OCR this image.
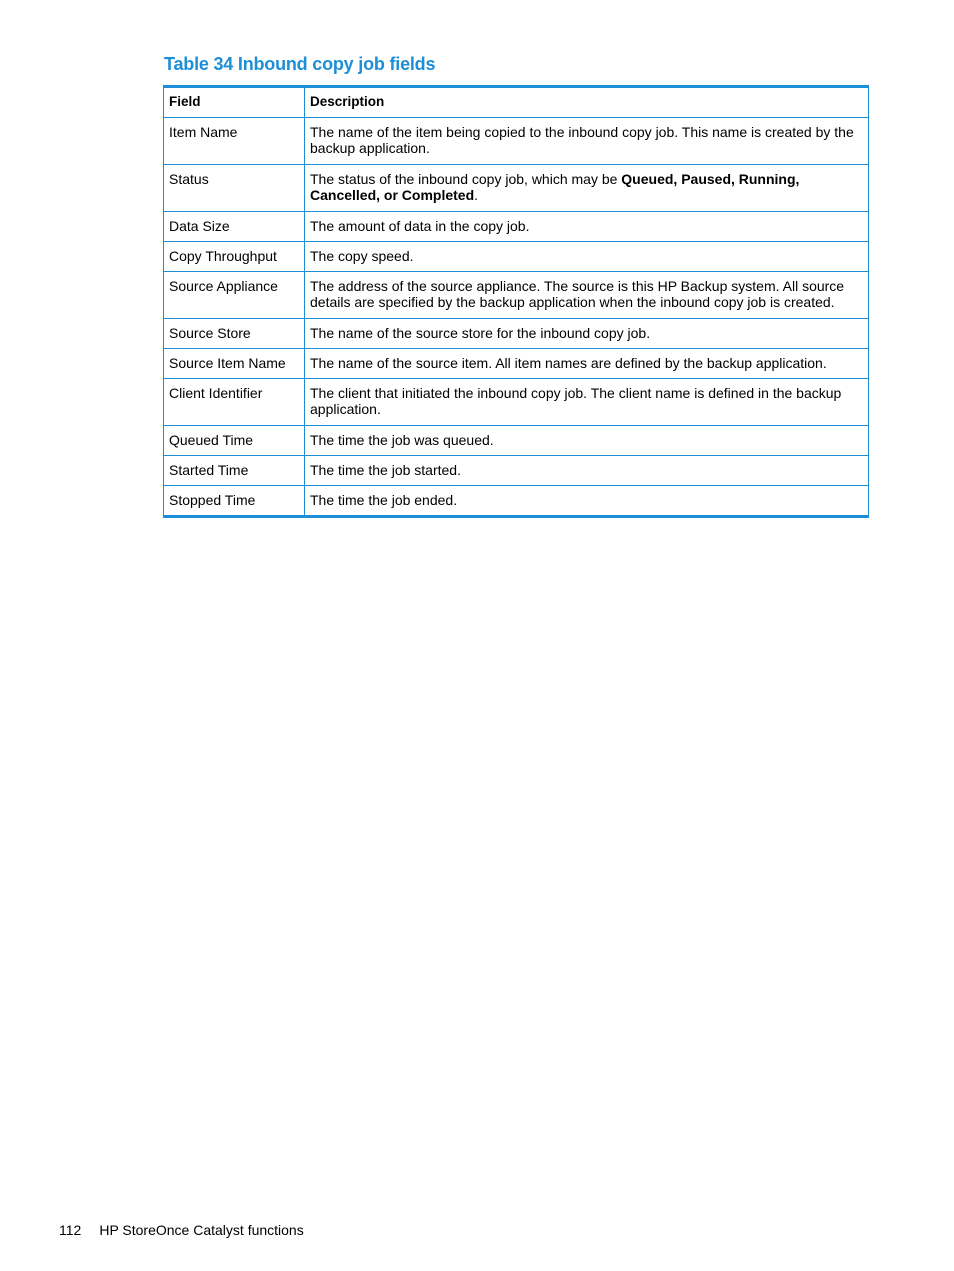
Table 34 Inbound copy job fields
Field	Description
Item Name	The name of the item being copied to the inbound copy job. This name is created by the backup application.
Status	The status of the inbound copy job, which may be Queued, Paused, Running, Cancelled, or Completed.
Data Size	The amount of data in the copy job.
Copy Throughput	The copy speed.
Source Appliance	The address of the source appliance. The source is this HP Backup system. All source details are specified by the backup application when the inbound copy job is created.
Source Store	The name of the source store for the inbound copy job.
Source Item Name	The name of the source item. All item names are defined by the backup application.
Client Identifier	The client that initiated the inbound copy job. The client name is defined in the backup application.
Queued Time	The time the job was queued.
Started Time	The time the job started.
Stopped Time	The time the job ended.
112 HP StoreOnce Catalyst functions
